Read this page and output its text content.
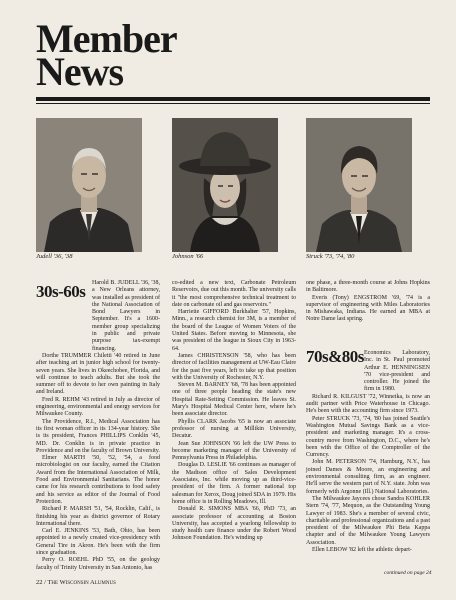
Member
News
Judell '36, '38	Johnson '66	Struck '73, '74, '80
30s-60s Harold B. JUDELL '36, '38, a New Orleans attorney, was installed as president of the National Association of Bond Lawyers in September. It's a 1600-member group specializing in public and private purpose tax-exempt financing.

Dorthe TRUMMER Chiletti '40 retired in June after teaching art in junior high school for twenty-seven years. She lives in Okeechobee, Florida, and will continue to teach adults. But she took the summer off to devote to her own painting in Italy and Ireland.

Fred R. REHM '43 retired in July as director of engineering, environmental and energy services for Milwaukee County.

The Providence, R.I., Medical Association has its first woman officer in its 134-year history. She is its president, Frances PHILLIPS Conklin '45, MD. Dr. Conklin is in private practice in Providence and on the faculty of Brown University.

Elmer MARTH '50, '52, '54, a food microbiologist on our faculty, earned the Citation Award from the International Association of Milk, Food and Environmental Sanitarians. The honor came for his research contributions to food safety and his service as editor of the Journal of Food Protection.

Richard P. MARSH '51, '54, Rocklin, Calif., is finishing his year as district governor of Rotary International there.

Carl E. JENKINS '53, Bath, Ohio, has been appointed to a newly created vice-presidency with General Tire in Akron. He's been with the firm since graduation.

Perry O. ROEHL PhD '55, on the geology faculty of Trinity University in San Antonio, has

co-edited a new text, Carbonate Petroleum Reservoirs, due out this month. The university calls it "the most comprehensive technical treatment to date on carbonate oil and gas reservoirs."

Harriette GIFFORD Burkhalter '57, Hopkins, Minn., a research chemist for 3M, is a member of the board of the League of Women Voters of the United States. Before moving to Minnesota, she was president of the league in Sioux City in 1963-64.

James CHRISTENSON '58, who has been director of facilities management at UW-Eau Claire for the past five years, left to take up that position with the University of Rochester, N.Y.

Steven M. BARNEY '68, '78 has been appointed one of three people heading the state's new Hospital Rate-Setting Commission. He leaves St. Mary's Hospital Medical Center here, where he's been associate director.

Phyllis CLARK Jacobs '65 is now an associate professor of nursing at Millikin University, Decatur.

Jean Sue JOHNSON '66 left the UW Press to become marketing manager of the University of Pennsylvania Press in Philadelphia.

Douglas D. LESLIE '66 continues as manager of the Madison office of Sales Development Associates, Inc. while moving up as third-vice-president of the firm. A former national top salesman for Xerox, Doug joined SDA in 1979. His home office is in Rolling Meadows, Ill.

Donald R. SIMONS MBA '66, PhD '73, an associate professor of accounting at Boston University, has accepted a yearlong fellowship to study health care finance under the Robert Wood Johnson Foundation. He's winding up

one phase, a three-month course at Johns Hopkins in Baltimore.

Everis (Tony) ENGSTROM '69, '74 is a supervisor of engineering with Miles Laboratories in Mishawaka, Indiana. He earned an MBA at Notre Dame last spring.

70s&80s Economics Laboratory, Inc. in St. Paul promoted Arthur E. HENNINGSEN '70 vice-president and controller. He joined the firm in 1980.

Richard R. KILGUST '72, Winnetka, is now an audit partner with Price Waterhouse in Chicago. He's been with the accounting firm since 1973.

Peter STRUCK '73, '74, '80 has joined Seattle's Washington Mutual Savings Bank as a vice-president and marketing manager. It's a cross-country move from Washington, D.C., where he's been with the Office of the Comptroller of the Currency.

John M. PETERSON '74, Hamburg, N.Y., has joined Dames & Moore, an engineering and environmental consulting firm, as an engineer. He'll serve the western part of N.Y. state. John was formerly with Argonne (Ill.) National Laboratories.

The Milwaukee Jaycees chose Sandra KOHLER Stern '74, '77, Mequon, as the Outstanding Young Lawyer of 1983. She's a member of several civic, charitable and professional organizations and a past president of the Milwaukee Phi Beta Kappa chapter and of the Milwaukee Young Lawyers Association.

Ellen LEBOW '82 left the athletic depart-

continued on page 24
22 / The Wisconsin Alumnus
